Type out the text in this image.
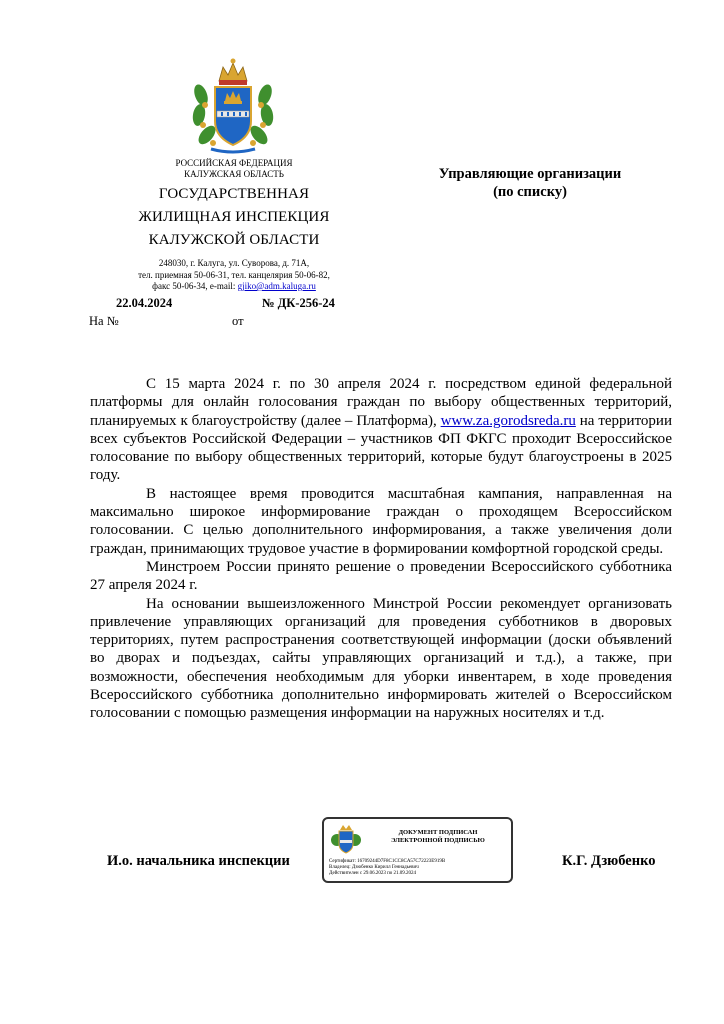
РОССИЙСКАЯ ФЕДЕРАЦИЯ
КАЛУЖСКАЯ ОБЛАСТЬ
ГОСУДАРСТВЕННАЯ
ЖИЛИЩНАЯ ИНСПЕКЦИЯ
КАЛУЖСКОЙ ОБЛАСТИ
248030, г. Калуга, ул. Суворова, д. 71А,
тел. приемная 50-06-31, тел. канцелярия 50-06-82,
факс 50-06-34, e-mail: gjiko@adm.kaluga.ru
Управляющие организации
(по списку)
22.04.2024	№ ДК-256-24
На №	от

С 15 марта 2024 г. по 30 апреля 2024 г. посредством единой федеральной платформы для онлайн голосования граждан по выбору общественных территорий, планируемых к благоустройству (далее – Платформа), www.za.gorodsreda.ru на территории всех субъектов Российской Федерации – участников ФП ФКГС проходит Всероссийское голосование по выбору общественных территорий, которые будут благоустроены в 2025 году.

В настоящее время проводится масштабная кампания, направленная на максимально широкое информирование граждан о проходящем Всероссийском голосовании. С целью дополнительного информирования, а также увеличения доли граждан, принимающих трудовое участие в формировании комфортной городской среды.

Минстроем России принято решение о проведении Всероссийского субботника 27 апреля 2024 г.

На основании вышеизложенного Минстрой России рекомендует организовать привлечение управляющих организаций для проведения субботников в дворовых территориях, путем распространения соответствующей информации (доски объявлений во дворах и подъездах, сайты управляющих организаций и т.д.), а также, при возможности, обеспечения необходимым для уборки инвентарем, в ходе проведения Всероссийского субботника дополнительно информировать жителей о Всероссийском голосовании с помощью размещения информации на наружных носителях и т.д.

И.о. начальника инспекции
ДОКУМЕНТ ПОДПИСАН
ЭЛЕКТРОННОЙ ПОДПИСЬЮ
Сертификат: 16709244D7F8C1CC8CA57C72223E919B
Владелец: Дзюбенко Кирилл Геннадьевич
Действителен с 29.06.2023 по 21.09.2024
К.Г. Дзюбенко
